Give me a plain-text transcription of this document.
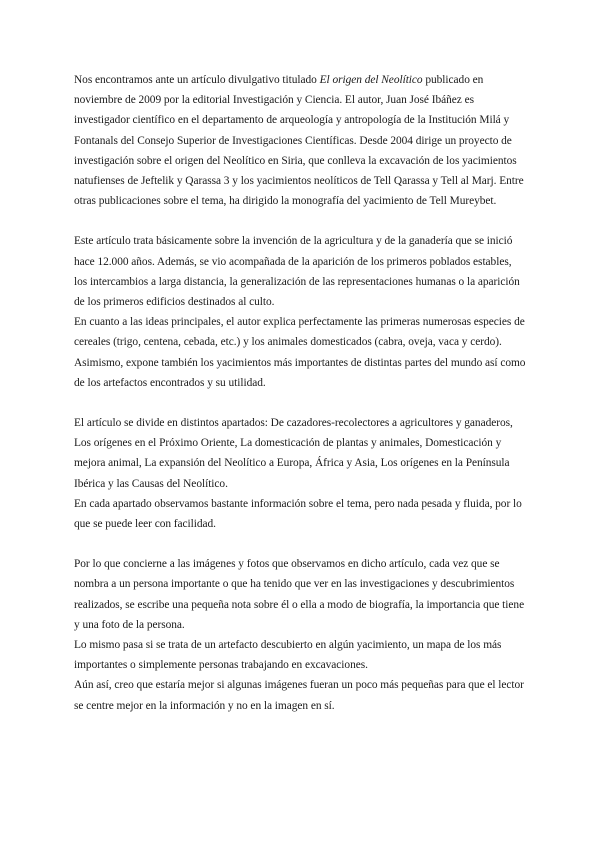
Nos encontramos ante un artículo divulgativo titulado El origen del Neolítico publicado en noviembre de 2009 por la editorial Investigación y Ciencia. El autor, Juan José Ibáñez es investigador científico en el departamento de arqueología y antropología de la Institución Milá y Fontanals del Consejo Superior de Investigaciones Científicas. Desde 2004 dirige un proyecto de investigación sobre el origen del Neolítico en Siria, que conlleva la excavación de los yacimientos natufienses de Jeftelik y Qarassa 3 y los yacimientos neolíticos de Tell Qarassa y Tell al Marj. Entre otras publicaciones sobre el tema, ha dirigido la monografía del yacimiento de Tell Mureybet.

Este artículo trata básicamente sobre la invención de la agricultura y de la ganadería que se inició hace 12.000 años. Además, se vio acompañada de la aparición de los primeros poblados estables, los intercambios a larga distancia, la generalización de las representaciones humanas o la aparición de los primeros edificios destinados al culto.

En cuanto a las ideas principales, el autor explica perfectamente las primeras numerosas especies de cereales (trigo, centena, cebada, etc.) y los animales domesticados (cabra, oveja, vaca y cerdo). Asimismo, expone también los yacimientos más importantes de distintas partes del mundo así como de los artefactos encontrados y su utilidad.

El artículo se divide en distintos apartados: De cazadores-recolectores a agricultores y ganaderos, Los orígenes en el Próximo Oriente, La domesticación de plantas y animales, Domesticación y mejora animal, La expansión del Neolítico a Europa, África y Asia, Los orígenes en la Península Ibérica y las Causas del Neolítico.

En cada apartado observamos bastante información sobre el tema, pero nada pesada y fluida, por lo que se puede leer con facilidad.

Por lo que concierne a las imágenes y fotos que observamos en dicho artículo, cada vez que se nombra a un persona importante o que ha tenido que ver en las investigaciones y descubrimientos realizados, se escribe una pequeña nota sobre él o ella a modo de biografía, la importancia que tiene y una foto de la persona.

Lo mismo pasa si se trata de un artefacto descubierto en algún yacimiento, un mapa de los más importantes o simplemente personas trabajando en excavaciones.

Aún así, creo que estaría mejor si algunas imágenes fueran un poco más pequeñas para que el lector se centre mejor en la información y no en la imagen en sí.
